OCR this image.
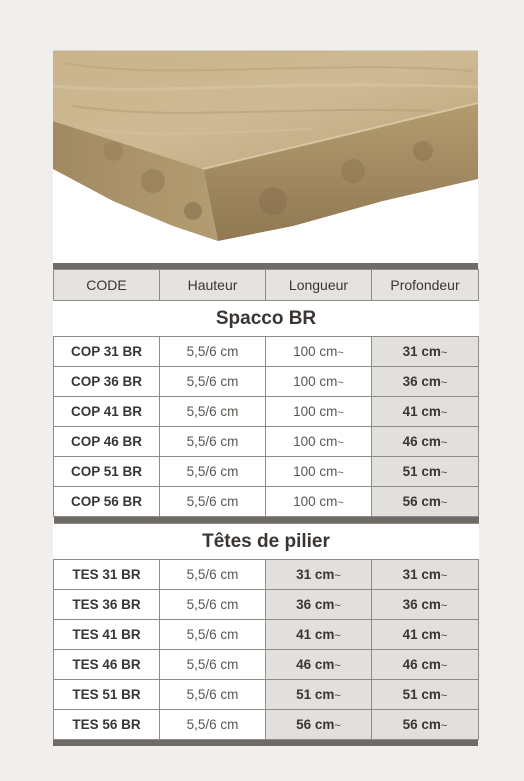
CODE	Hauteur	Longueur	Profondeur
Spacco BR			
COP 31 BR	5,5/6 cm	100 cm~	31 cm~
COP 36 BR	5,5/6 cm	100 cm~	36 cm~
COP 41 BR	5,5/6 cm	100 cm~	41 cm~
COP 46 BR	5,5/6 cm	100 cm~	46 cm~
COP 51 BR	5,5/6 cm	100 cm~	51 cm~
COP 56 BR	5,5/6 cm	100 cm~	56 cm~

Têtes de pilier			
TES 31 BR	5,5/6 cm	31 cm~	31 cm~
TES 36 BR	5,5/6 cm	36 cm~	36 cm~
TES 41 BR	5,5/6 cm	41 cm~	41 cm~
TES 46 BR	5,5/6 cm	46 cm~	46 cm~
TES 51 BR	5,5/6 cm	51 cm~	51 cm~
TES 56 BR	5,5/6 cm	56 cm~	56 cm~
